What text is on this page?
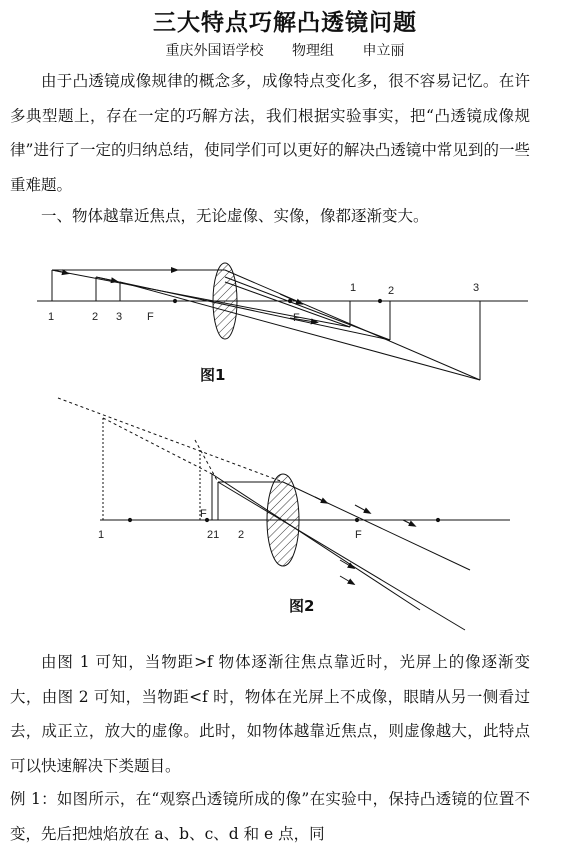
三大特点巧解凸透镜问题
重庆外国语学校 物理组 申立丽

由于凸透镜成像规律的概念多，成像特点变化多，很不容易记忆。在许多典型题上，存在一定的巧解方法，我们根据实验事实，把“凸透镜成像规律”进行了一定的归纳总结，使同学们可以更好的解决凸透镜中常见到的一些重难题。

一、物体越靠近焦点，无论虚像、实像，像都逐渐变大。

1	2 3 F
1	2	3
F
1
F
21 2	F
图1
图2

由图 1 可知，当物距>f 物体逐渐往焦点靠近时，光屏上的像逐渐变大，由图 2 可知，当物距<f 时，物体在光屏上不成像，眼睛从另一侧看过去，成正立，放大的虚像。此时，如物体越靠近焦点，则虚像越大，此特点可以快速解决下类题目。

例 1：如图所示，在“观察凸透镜所成的像”在实验中，保持凸透镜的位置不变，先后把烛焰放在 a、b、c、d 和 e 点，同
